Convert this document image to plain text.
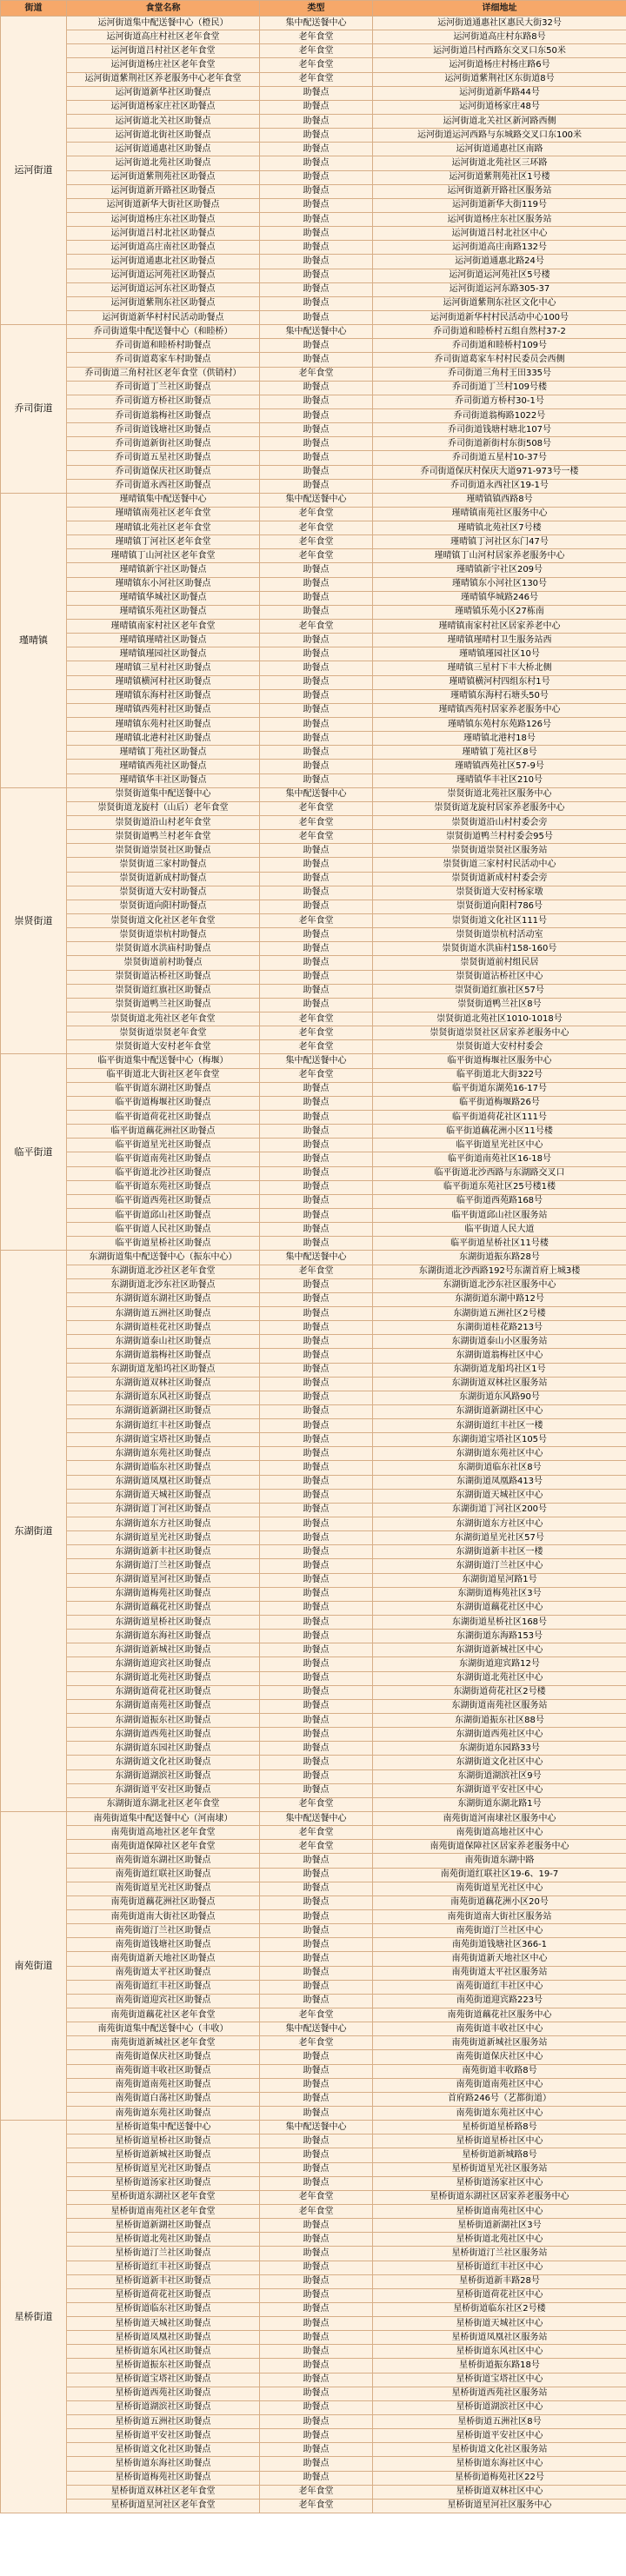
街道	食堂名称	类型	详细地址
运河街道	运河街道集中配送餐中心（橙民）	集中配送餐中心	运河街道通惠社区惠民大街32号
	运河街道高庄村社区老年食堂	老年食堂	运河街道高庄村东路8号
	运河街道吕村社区老年食堂	老年食堂	运河街道吕村西路东交叉口东50米
	运河街道杨庄社区老年食堂	老年食堂	运河街道杨庄村杨庄路6号
	运河街道紫荆社区养老服务中心老年食堂	老年食堂	运河街道紫荆社区东街道8号
	运河街道新华社区助餐点	助餐点	运河街道新华路44号
	运河街道杨家庄社区助餐点	助餐点	运河街道杨家庄48号
	运河街道北关社区助餐点	助餐点	运河街道北关社区新河路西侧
	运河街道北街社区助餐点	助餐点	运河街道运河西路与东城路交叉口东100米
	运河街道通惠社区助餐点	助餐点	运河街道通惠社区南路
	运河街道北苑社区助餐点	助餐点	运河街道北苑社区三环路
	运河街道紫荆苑社区助餐点	助餐点	运河街道紫荆苑社区1号楼
	运河街道新开路社区助餐点	助餐点	运河街道新开路社区服务站
	运河街道新华大街社区助餐点	助餐点	运河街道新华大街119号
	运河街道杨庄东社区助餐点	助餐点	运河街道杨庄东社区服务站
	运河街道吕村北社区助餐点	助餐点	运河街道吕村北社区中心
	运河街道高庄南社区助餐点	助餐点	运河街道高庄南路132号
	运河街道通惠北社区助餐点	助餐点	运河街道通惠北路24号
	运河街道运河苑社区助餐点	助餐点	运河街道运河苑社区5号楼
	运河街道运河东社区助餐点	助餐点	运河街道运河东路305-37
	运河街道紫荆东社区助餐点	助餐点	运河街道紫荆东社区文化中心
	运河街道新华村村民活动助餐点	助餐点	运河街道新华村村民活动中心100号
乔司街道	乔司街道集中配送餐中心（和睦桥）	集中配送餐中心	乔司街道和睦桥村五组自然村37-2
	乔司街道和睦桥村助餐点	助餐点	乔司街道和睦桥村109号
	乔司街道葛家车村助餐点	助餐点	乔司街道葛家车村村民委员会西侧
	乔司街道三角村社区老年食堂（供销村）	老年食堂	乔司街道三角村王田335号
	乔司街道丁兰社区助餐点	助餐点	乔司街道丁兰村109号楼
	乔司街道方桥社区助餐点	助餐点	乔司街道方桥村30-1号
	乔司街道翁梅社区助餐点	助餐点	乔司街道翁梅路1022号
	乔司街道钱塘社区助餐点	助餐点	乔司街道钱塘村塘北107号
	乔司街道新街社区助餐点	助餐点	乔司街道新街村东街508号
	乔司街道五星社区助餐点	助餐点	乔司街道五星村10-37号
	乔司街道保庆社区助餐点	助餐点	乔司街道保庆村保庆大道971-973号一楼
	乔司街道永西社区助餐点	助餐点	乔司街道永西社区19-1号
瑾晴镇	瑾晴镇集中配送餐中心	集中配送餐中心	瑾晴镇镇西路8号
	瑾晴镇南苑社区老年食堂	老年食堂	瑾晴镇南苑社区服务中心
	瑾晴镇北苑社区老年食堂	老年食堂	瑾晴镇北苑社区7号楼
	瑾晴镇丁河社区老年食堂	老年食堂	瑾晴镇丁河社区东门47号
	瑾晴镇丁山河社区老年食堂	老年食堂	瑾晴镇丁山河村居家养老服务中心
	瑾晴镇新宇社区助餐点	助餐点	瑾晴镇新宇社区209号
	瑾晴镇东小河社区助餐点	助餐点	瑾晴镇东小河社区130号
	瑾晴镇华城社区助餐点	助餐点	瑾晴镇华城路246号
	瑾晴镇乐苑社区助餐点	助餐点	瑾晴镇乐苑小区27栋南
	瑾晴镇南家村社区老年食堂	老年食堂	瑾晴镇南家村社区居家养老中心
	瑾晴镇瑾晴社区助餐点	助餐点	瑾晴镇瑾晴村卫生服务站西
	瑾晴镇瑾园社区助餐点	助餐点	瑾晴镇瑾园社区10号
	瑾晴镇三星村社区助餐点	助餐点	瑾晴镇三星村下丰大桥北侧
	瑾晴镇横河村社区助餐点	助餐点	瑾晴镇横河村四组东村1号
	瑾晴镇东海村社区助餐点	助餐点	瑾晴镇东海村石塘头50号
	瑾晴镇西苑村社区助餐点	助餐点	瑾晴镇西苑村居家养老服务中心
	瑾晴镇东苑村社区助餐点	助餐点	瑾晴镇东苑村东苑路126号
	瑾晴镇北港村社区助餐点	助餐点	瑾晴镇北港村18号
	瑾晴镇丁苑社区助餐点	助餐点	瑾晴镇丁苑社区8号
	瑾晴镇西苑社区助餐点	助餐点	瑾晴镇西苑社区57-9号
	瑾晴镇华丰社区助餐点	助餐点	瑾晴镇华丰社区210号
崇贤街道	崇贤街道集中配送餐中心	集中配送餐中心	崇贤街道北苑社区服务中心
	崇贤街道龙旋村（山后）老年食堂	老年食堂	崇贤街道龙旋村居家养老服务中心
	崇贤街道沿山村老年食堂	老年食堂	崇贤街道沿山村村委会旁
	崇贤街道鸭兰村老年食堂	老年食堂	崇贤街道鸭兰村村委会95号
	崇贤街道崇贤社区助餐点	助餐点	崇贤街道崇贤社区服务站
	崇贤街道三家村助餐点	助餐点	崇贤街道三家村村民活动中心
	崇贤街道新成村助餐点	助餐点	崇贤街道新成村村委会旁
	崇贤街道大安村助餐点	助餐点	崇贤街道大安村杨家墩
	崇贤街道向阳村助餐点	助餐点	崇贤街道向阳村786号
	崇贤街道文化社区老年食堂	老年食堂	崇贤街道文化社区111号
	崇贤街道崇杭村助餐点	助餐点	崇贤街道崇杭村活动室
	崇贤街道水洪庙村助餐点	助餐点	崇贤街道水洪庙村158-160号
	崇贤街道前村助餐点	助餐点	崇贤街道前村组民居
	崇贤街道沾桥社区助餐点	助餐点	崇贤街道沾桥社区中心
	崇贤街道红旗社区助餐点	助餐点	崇贤街道红旗社区57号
	崇贤街道鸭兰社区助餐点	助餐点	崇贤街道鸭兰社区8号
	崇贤街道北苑社区老年食堂	老年食堂	崇贤街道北苑社区1010-1018号
	崇贤街道崇贤老年食堂	老年食堂	崇贤街道崇贤社区居家养老服务中心
	崇贤街道大安村老年食堂	老年食堂	崇贤街道大安村村委会
临平街道	临平街道集中配送餐中心（梅堰）	集中配送餐中心	临平街道梅堰社区服务中心
	临平街道北大街社区老年食堂	老年食堂	临平街道北大街322号
	临平街道东湖社区助餐点	助餐点	临平街道东湖苑16-17号
	临平街道梅堰社区助餐点	助餐点	临平街道梅堰路26号
	临平街道荷花社区助餐点	助餐点	临平街道荷花社区111号
	临平街道藕花洲社区助餐点	助餐点	临平街道藕花洲小区11号楼
	临平街道星光社区助餐点	助餐点	临平街道星光社区中心
	临平街道南苑社区助餐点	助餐点	临平街道南苑社区16-18号
	临平街道北沙社区助餐点	助餐点	临平街道北沙西路与东湖路交叉口
	临平街道东苑社区助餐点	助餐点	临平街道东苑社区25号楼1楼
	临平街道西苑社区助餐点	助餐点	临平街道西苑路168号
	临平街道邱山社区助餐点	助餐点	临平街道邱山社区服务站
	临平街道人民社区助餐点	助餐点	临平街道人民大道
	临平街道星桥社区助餐点	助餐点	临平街道星桥社区11号楼
东湖街道	东湖街道集中配送餐中心（振东中心）	集中配送餐中心	东湖街道振东路28号
	东湖街道北沙社区老年食堂	老年食堂	东湖街道北沙西路192号东湖首府上城3楼
	东湖街道北沙东社区助餐点	助餐点	东湖街道北沙东社区服务中心
	东湖街道东湖社区助餐点	助餐点	东湖街道东湖中路12号
	东湖街道五洲社区助餐点	助餐点	东湖街道五洲社区2号楼
	东湖街道桂花社区助餐点	助餐点	东湖街道桂花路213号
	东湖街道泰山社区助餐点	助餐点	东湖街道泰山小区服务站
	东湖街道翁梅社区助餐点	助餐点	东湖街道翁梅社区中心
	东湖街道龙船坞社区助餐点	助餐点	东湖街道龙船坞社区1号
	东湖街道双林社区助餐点	助餐点	东湖街道双林社区服务站
	东湖街道东风社区助餐点	助餐点	东湖街道东风路90号
	东湖街道新湖社区助餐点	助餐点	东湖街道新湖社区中心
	东湖街道红丰社区助餐点	助餐点	东湖街道红丰社区一楼
	东湖街道宝塔社区助餐点	助餐点	东湖街道宝塔社区105号
	东湖街道东苑社区助餐点	助餐点	东湖街道东苑社区中心
	东湖街道临东社区助餐点	助餐点	东湖街道临东社区8号
	东湖街道凤凰社区助餐点	助餐点	东湖街道凤凰路413号
	东湖街道天城社区助餐点	助餐点	东湖街道天城社区中心
	东湖街道丁河社区助餐点	助餐点	东湖街道丁河社区200号
	东湖街道东方社区助餐点	助餐点	东湖街道东方社区中心
	东湖街道星光社区助餐点	助餐点	东湖街道星光社区57号
	东湖街道新丰社区助餐点	助餐点	东湖街道新丰社区一楼
	东湖街道汀兰社区助餐点	助餐点	东湖街道汀兰社区中心
	东湖街道星河社区助餐点	助餐点	东湖街道星河路1号
	东湖街道梅苑社区助餐点	助餐点	东湖街道梅苑社区3号
	东湖街道藕花社区助餐点	助餐点	东湖街道藕花社区中心
	东湖街道星桥社区助餐点	助餐点	东湖街道星桥社区168号
	东湖街道东海社区助餐点	助餐点	东湖街道东海路153号
	东湖街道新城社区助餐点	助餐点	东湖街道新城社区中心
	东湖街道迎宾社区助餐点	助餐点	东湖街道迎宾路12号
	东湖街道北苑社区助餐点	助餐点	东湖街道北苑社区中心
	东湖街道荷花社区助餐点	助餐点	东湖街道荷花社区2号楼
	东湖街道南苑社区助餐点	助餐点	东湖街道南苑社区服务站
	东湖街道振东社区助餐点	助餐点	东湖街道振东社区88号
	东湖街道西苑社区助餐点	助餐点	东湖街道西苑社区中心
	东湖街道东园社区助餐点	助餐点	东湖街道东园路33号
	东湖街道文化社区助餐点	助餐点	东湖街道文化社区中心
	东湖街道湖滨社区助餐点	助餐点	东湖街道湖滨社区9号
	东湖街道平安社区助餐点	助餐点	东湖街道平安社区中心
	东湖街道东湖北社区老年食堂	老年食堂	东湖街道东湖北路1号
南苑街道	南苑街道集中配送餐中心（河南埭）	集中配送餐中心	南苑街道河南埭社区服务中心
	南苑街道高地社区老年食堂	老年食堂	南苑街道高地社区中心
	南苑街道保障社区老年食堂	老年食堂	南苑街道保障社区居家养老服务中心
	南苑街道东湖社区助餐点	助餐点	南苑街道东湖中路
	南苑街道红联社区助餐点	助餐点	南苑街道红联社区19-6、19-7
	南苑街道星光社区助餐点	助餐点	南苑街道星光社区中心
	南苑街道藕花洲社区助餐点	助餐点	南苑街道藕花洲小区20号
	南苑街道南大街社区助餐点	助餐点	南苑街道南大街社区服务站
	南苑街道汀兰社区助餐点	助餐点	南苑街道汀兰社区中心
	南苑街道钱塘社区助餐点	助餐点	南苑街道钱塘社区366-1
	南苑街道新天地社区助餐点	助餐点	南苑街道新天地社区中心
	南苑街道太平社区助餐点	助餐点	南苑街道太平社区服务站
	南苑街道红丰社区助餐点	助餐点	南苑街道红丰社区中心
	南苑街道迎宾社区助餐点	助餐点	南苑街道迎宾路223号
	南苑街道藕花社区老年食堂	老年食堂	南苑街道藕花社区服务中心
	南苑街道集中配送餐中心（丰收）	集中配送餐中心	南苑街道丰收社区中心
	南苑街道新城社区老年食堂	老年食堂	南苑街道新城社区服务站
	南苑街道保庆社区助餐点	助餐点	南苑街道保庆社区中心
	南苑街道丰收社区助餐点	助餐点	南苑街道丰收路8号
	南苑街道南苑社区助餐点	助餐点	南苑街道南苑社区中心
	南苑街道白荡社区助餐点	助餐点	首府路246号（艺都街道）
	南苑街道东苑社区助餐点	助餐点	南苑街道东苑社区中心
星桥街道	星桥街道集中配送餐中心	集中配送餐中心	星桥街道星桥路8号
	星桥街道星桥社区助餐点	助餐点	星桥街道星桥社区中心
	星桥街道新城社区助餐点	助餐点	星桥街道新城路8号
	星桥街道星光社区助餐点	助餐点	星桥街道星光社区服务站
	星桥街道汤家社区助餐点	助餐点	星桥街道汤家社区中心
	星桥街道东湖社区老年食堂	老年食堂	星桥街道东湖社区居家养老服务中心
	星桥街道南苑社区老年食堂	老年食堂	星桥街道南苑社区中心
	星桥街道新湖社区助餐点	助餐点	星桥街道新湖社区3号
	星桥街道北苑社区助餐点	助餐点	星桥街道北苑社区中心
	星桥街道汀兰社区助餐点	助餐点	星桥街道汀兰社区服务站
	星桥街道红丰社区助餐点	助餐点	星桥街道红丰社区中心
	星桥街道新丰社区助餐点	助餐点	星桥街道新丰路28号
	星桥街道荷花社区助餐点	助餐点	星桥街道荷花社区中心
	星桥街道临东社区助餐点	助餐点	星桥街道临东社区2号楼
	星桥街道天城社区助餐点	助餐点	星桥街道天城社区中心
	星桥街道凤凰社区助餐点	助餐点	星桥街道凤凰社区服务站
	星桥街道东风社区助餐点	助餐点	星桥街道东风社区中心
	星桥街道振东社区助餐点	助餐点	星桥街道振东路18号
	星桥街道宝塔社区助餐点	助餐点	星桥街道宝塔社区中心
	星桥街道西苑社区助餐点	助餐点	星桥街道西苑社区服务站
	星桥街道湖滨社区助餐点	助餐点	星桥街道湖滨社区中心
	星桥街道五洲社区助餐点	助餐点	星桥街道五洲社区8号
	星桥街道平安社区助餐点	助餐点	星桥街道平安社区中心
	星桥街道文化社区助餐点	助餐点	星桥街道文化社区服务站
	星桥街道东海社区助餐点	助餐点	星桥街道东海社区中心
	星桥街道梅苑社区助餐点	助餐点	星桥街道梅苑社区22号
	星桥街道双林社区老年食堂	老年食堂	星桥街道双林社区中心
	星桥街道星河社区老年食堂	老年食堂	星桥街道星河社区服务中心
